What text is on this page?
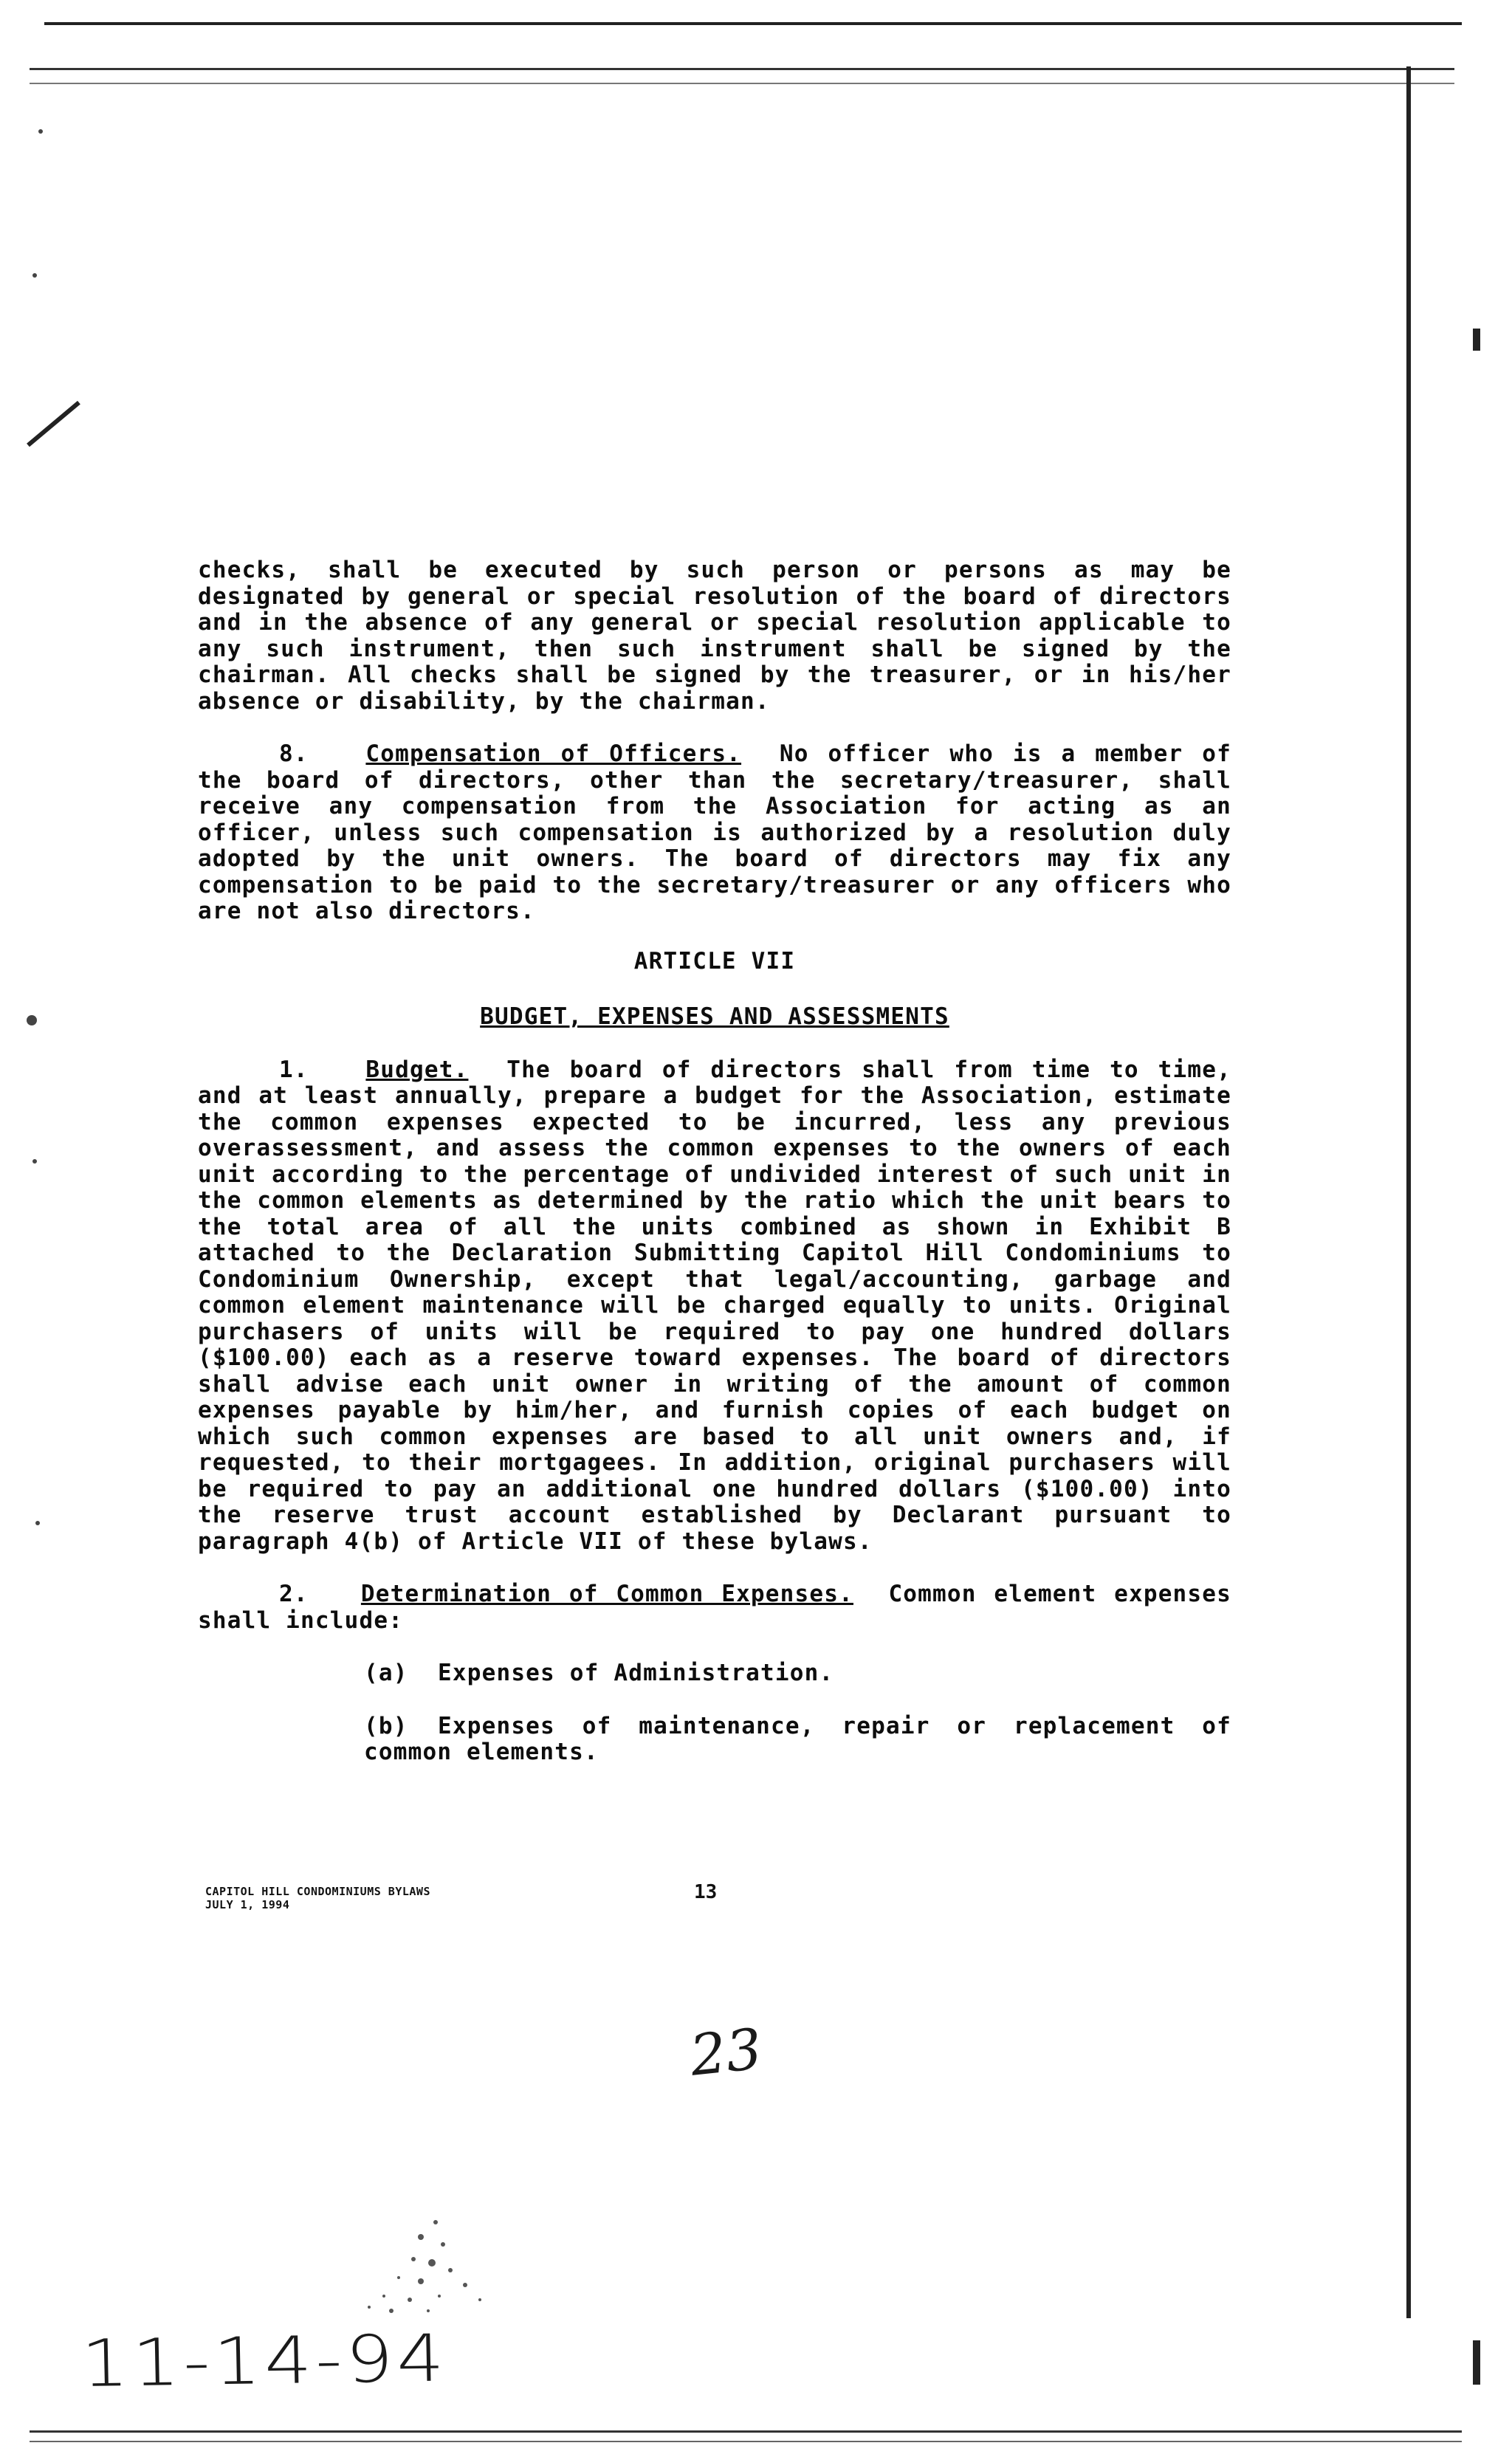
checks, shall be executed by such person or persons as may be designated by general or special resolution of the board of directors and in the absence of any general or special resolution applicable to any such instrument, then such instrument shall be signed by the chairman. All checks shall be signed by the treasurer, or in his/her absence or disability, by the chairman.

8.	Compensation of Officers. No officer who is a member of the board of directors, other than the secretary/treasurer, shall receive any compensation from the Association for acting as an officer, unless such compensation is authorized by a resolution duly adopted by the unit owners. The board of directors may fix any compensation to be paid to the secretary/treasurer or any officers who are not also directors.

ARTICLE VII

BUDGET, EXPENSES AND ASSESSMENTS

1.	Budget. The board of directors shall from time to time, and at least annually, prepare a budget for the Association, estimate the common expenses expected to be incurred, less any previous overassessment, and assess the common expenses to the owners of each unit according to the percentage of undivided interest of such unit in the common elements as determined by the ratio which the unit bears to the total area of all the units combined as shown in Exhibit B attached to the Declaration Submitting Capitol Hill Condominiums to Condominium Ownership, except that legal/accounting, garbage and common element maintenance will be charged equally to units. Original purchasers of units will be required to pay one hundred dollars ($100.00) each as a reserve toward expenses. The board of directors shall advise each unit owner in writing of the amount of common expenses payable by him/her, and furnish copies of each budget on which such common expenses are based to all unit owners and, if requested, to their mortgagees. In addition, original purchasers will be required to pay an additional one hundred dollars ($100.00) into the reserve trust account established by Declarant pursuant to paragraph 4(b) of Article VII of these bylaws.

2. Determination of Common Expenses. Common element expenses shall include:

(a) Expenses of Administration.

(b) Expenses of maintenance, repair or replacement of common elements.

CAPITOL HILL CONDOMINIUMS BYLAWS
JULY 1, 1994
13
23
11-14-94
